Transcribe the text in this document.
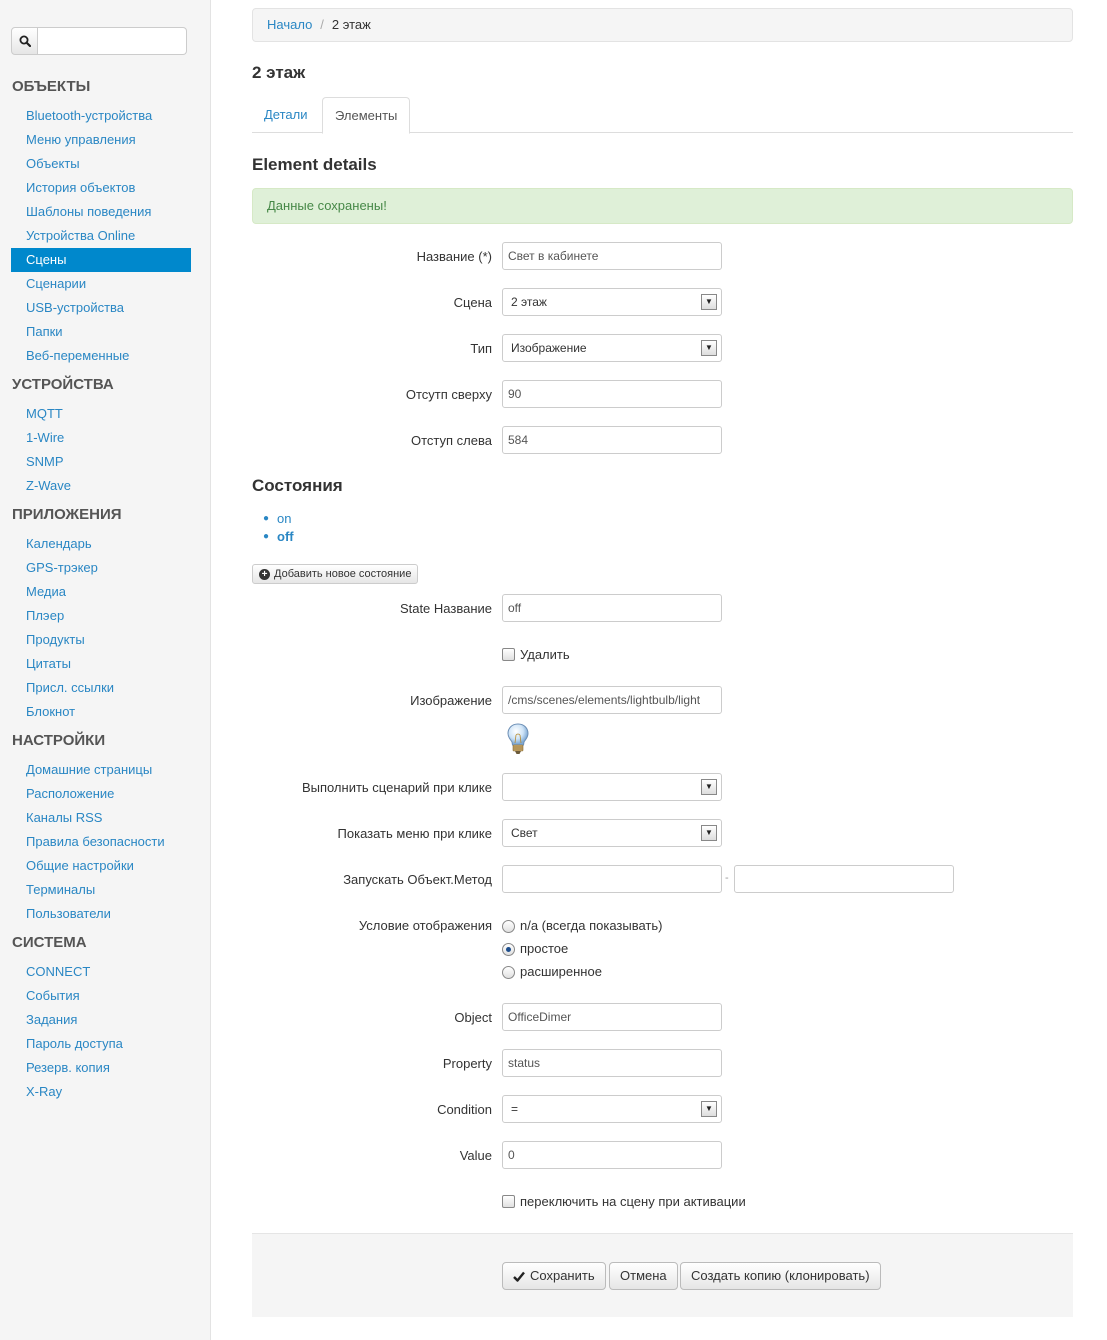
ОБЪЕКТЫ
Bluetooth-устройства
Меню управления
Объекты
История объектов
Шаблоны поведения
Устройства Online
Сцены
Сценарии
USB-устройства
Папки
Веб-переменные
УСТРОЙСТВА
MQTT
1-Wire
SNMP
Z-Wave
ПРИЛОЖЕНИЯ
Календарь
GPS-трэкер
Медиа
Плэер
Продукты
Цитаты
Присл. ссылки
Блокнот
НАСТРОЙКИ
Домашние страницы
Расположение
Каналы RSS
Правила безопасности
Общие настройки
Терминалы
Пользователи
СИСТЕМА
CONNECT
События
Задания
Пароль доступа
Резерв. копия
X-Ray
Начало / 2 этаж
2 этаж
Детали	Элементы
Element details
Данные сохранены!
Название (*)	Свет в кабинете
Сцена	2 этаж	▼
Тип	Изображение	▼
Отсутп сверху	90
Отступ слева	584
Состояния
● on
● off
+ Добавить новое состояние
State Название	off
Удалить
Изображение	/cms/scenes/elements/lightbulb/light
Выполнить сценарий при клике	▼
Показать меню при клике	Свет	▼
Запускать Объект.Метод	-
Условие отображения n/a (всегда показывать)
простое
расширенное
Object	OfficeDimer
Property	status
Condition	=	▼
Value	0
переключить на сцену при активации
Сохранить	Отмена	Создать копию (клонировать)
